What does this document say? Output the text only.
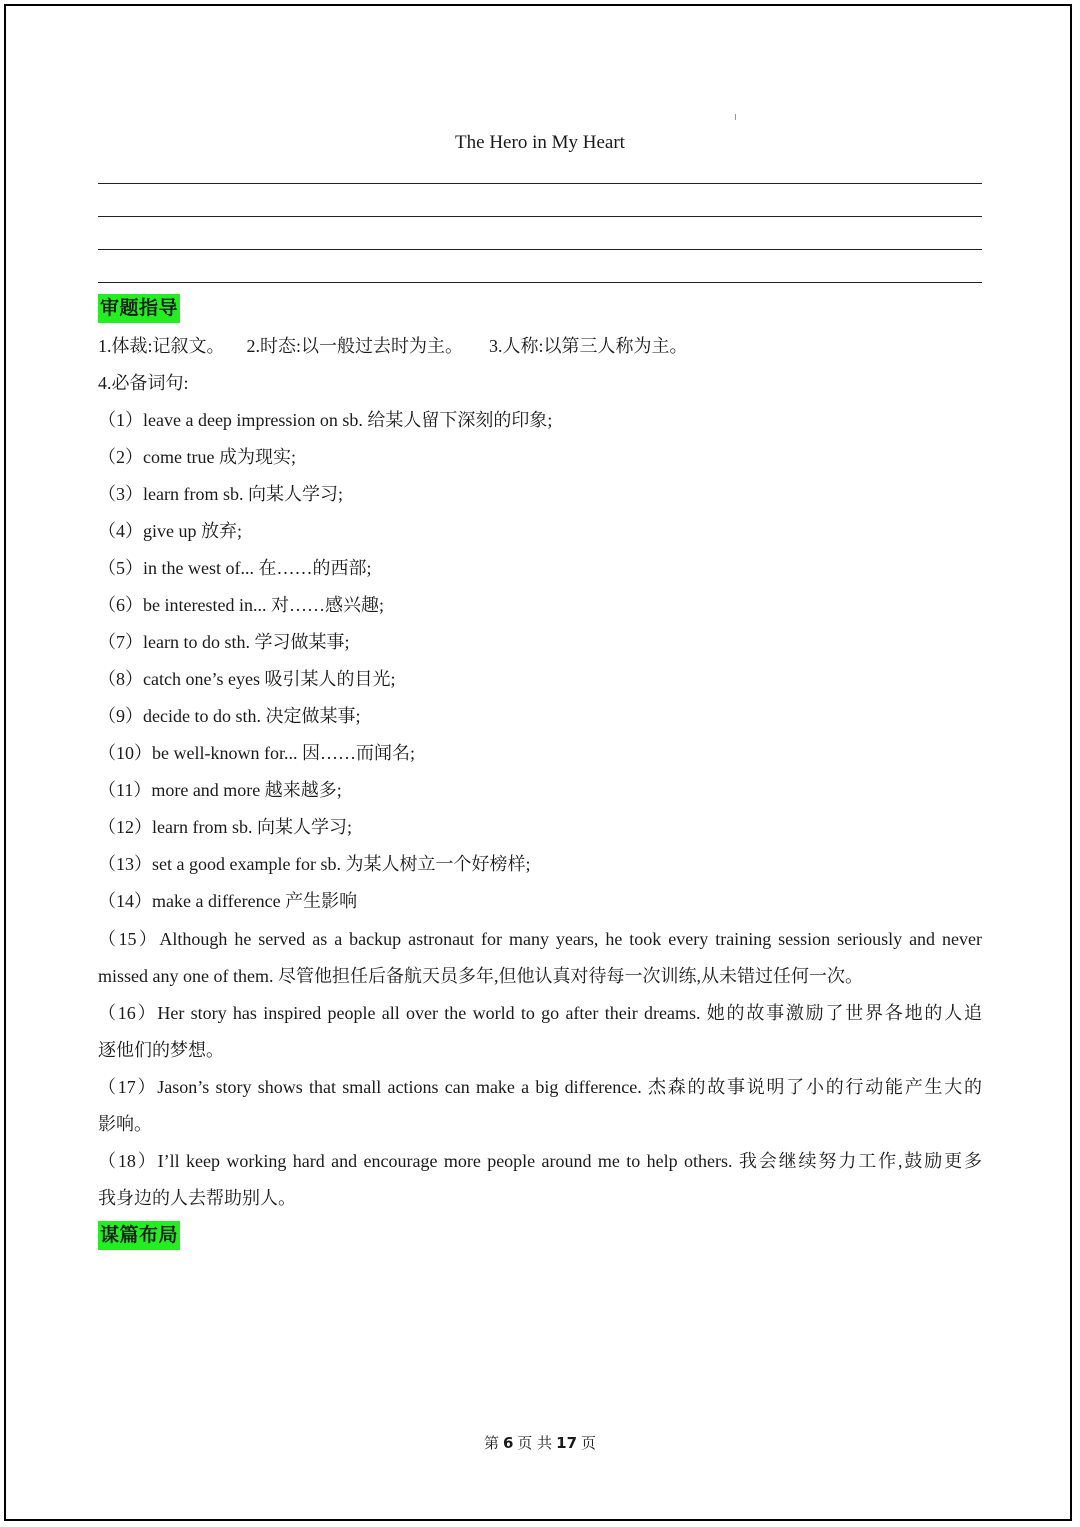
The Hero in My Heart
审题指导
1.体裁:记叙文。 2.时态:以一般过去时为主。 3.人称:以第三人称为主。
4.必备词句:
（1）leave a deep impression on sb. 给某人留下深刻的印象;
（2）come true 成为现实;
（3）learn from sb. 向某人学习;
（4）give up 放弃;
（5）in the west of... 在……的西部;
（6）be interested in... 对……感兴趣;
（7）learn to do sth. 学习做某事;
（8）catch one’s eyes 吸引某人的目光;
（9）decide to do sth. 决定做某事;
（10）be well-known for... 因……而闻名;
（11）more and more 越来越多;
（12）learn from sb. 向某人学习;
（13）set a good example for sb. 为某人树立一个好榜样;
（14）make a difference 产生影响
（15）Although he served as a backup astronaut for many years, he took every training session seriously and never
missed any one of them. 尽管他担任后备航天员多年,但他认真对待每一次训练,从未错过任何一次。
（16）Her story has inspired people all over the world to go after their dreams. 她的故事激励了世界各地的人追
逐他们的梦想。
（17）Jason’s story shows that small actions can make a big difference. 杰森的故事说明了小的行动能产生大的
影响。
（18）I’ll keep working hard and encourage more people around me to help others. 我会继续努力工作,鼓励更多
我身边的人去帮助别人。
谋篇布局
第 6 页 共 17 页
